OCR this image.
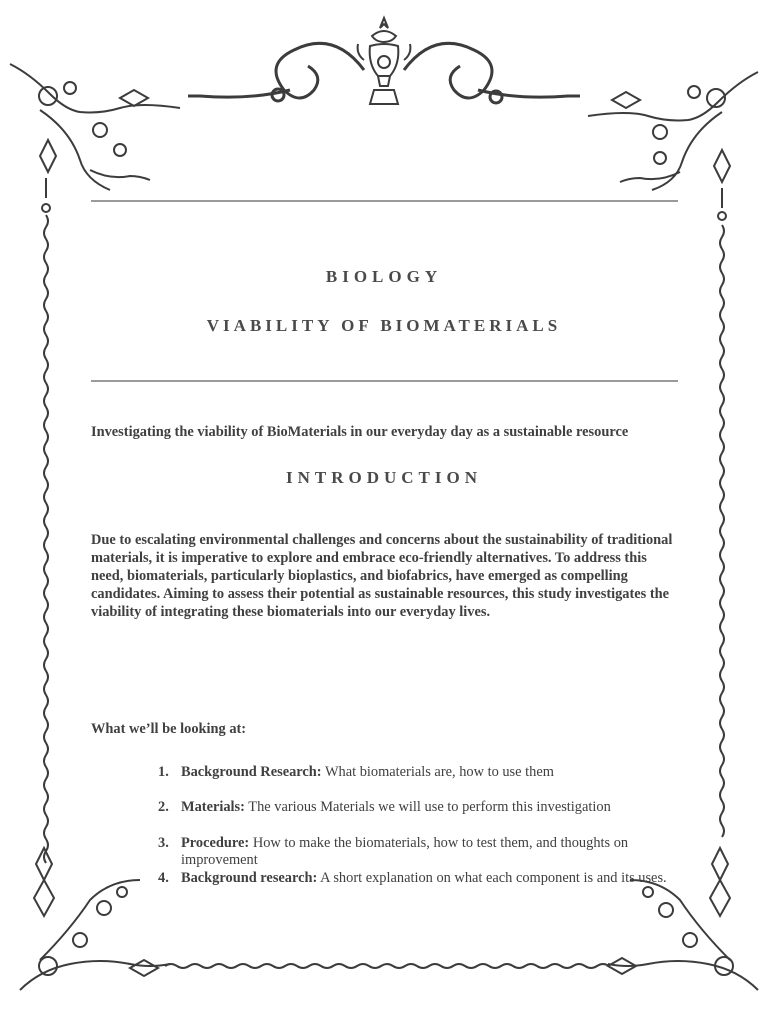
BIOLOGY
VIABILITY OF BIOMATERIALS
Investigating the viability of BioMaterials in our everyday day as a sustainable resource
INTRODUCTION
Due to escalating environmental challenges and concerns about the sustainability of traditional materials, it is imperative to explore and embrace eco-friendly alternatives. To address this need, biomaterials, particularly bioplastics, and biofabrics, have emerged as compelling candidates. Aiming to assess their potential as sustainable resources, this study investigates the viability of integrating these biomaterials into our everyday lives.
What we’ll be looking at:
1. Background Research: What biomaterials are, how to use them
2. Materials: The various Materials we will use to perform this investigation
3. Procedure: How to make the biomaterials, how to test them, and thoughts on improvement
4. Background research: A short explanation on what each component is and its uses.
